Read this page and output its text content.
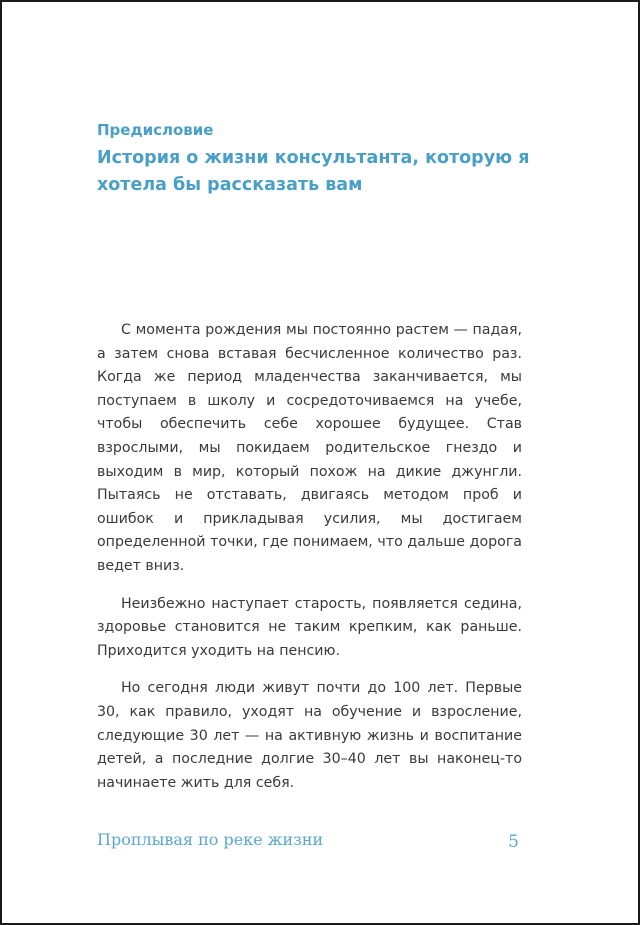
Предисловие
История о жизни консультанта, которую я хотела бы рассказать вам

С момента рождения мы постоянно растем — падая, а затем снова вставая бесчисленное количество раз. Когда же период младенчества заканчивается, мы поступаем в школу и сосредоточиваемся на учебе, чтобы обеспечить себе хорошее будущее. Став взрослыми, мы покидаем родительское гнездо и выходим в мир, который похож на дикие джунгли. Пытаясь не отставать, двигаясь методом проб и ошибок и прикладывая усилия, мы достигаем определенной точки, где понимаем, что дальше дорога ведет вниз.

Неизбежно наступает старость, появляется седина, здоровье становится не таким крепким, как раньше. Приходится уходить на пенсию.

Но сегодня люди живут почти до 100 лет. Первые 30, как правило, уходят на обучение и взросление, следующие 30 лет — на активную жизнь и воспитание детей, а последние долгие 30–40 лет вы наконец-то начинаете жить для себя.

Проплывая по реке жизни	5
